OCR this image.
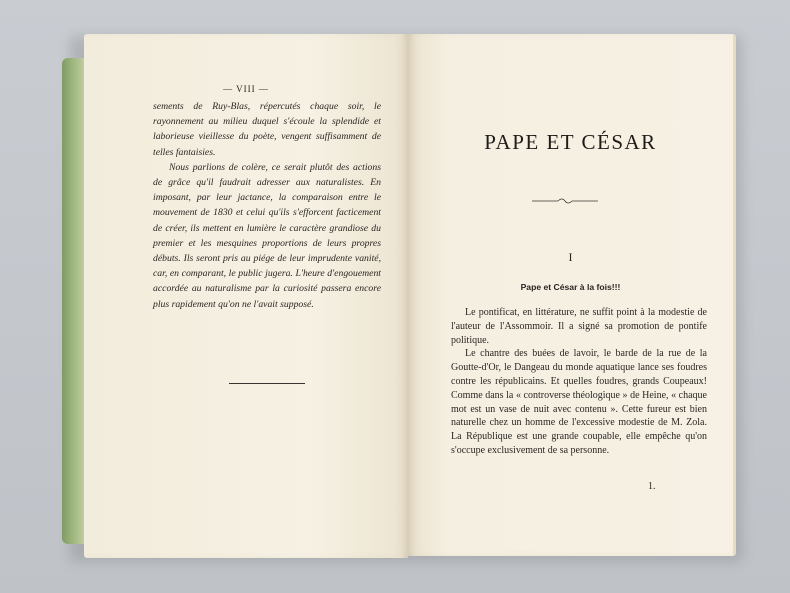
— VIII —

sements de Ruy-Blas, répercutés chaque soir, le rayonnement au milieu duquel s'écoule la splendide et laborieuse vieillesse du poète, vengent suffisamment de telles fantaisies.

Nous parlions de colère, ce serait plutôt des actions de grâce qu'il faudrait adresser aux naturalistes. En imposant, par leur jactance, la comparaison entre le mouvement de 1830 et celui qu'ils s'efforcent facticement de créer, ils mettent en lumière le caractère grandiose du premier et les mesquines proportions de leurs propres débuts. Ils seront pris au piége de leur imprudente vanité, car, en comparant, le public jugera. L'heure d'engouement accordée au naturalisme par la curiosité passera encore plus rapidement qu'on ne l'avait supposé.

PAPE ET CÉSAR
I
Pape et César à la fois!!!

Le pontificat, en littérature, ne suffit point à la modestie de l'auteur de l'Assommoir. Il a signé sa promotion de pontife politique.

Le chantre des buées de lavoir, le barde de la rue de la Goutte-d'Or, le Dangeau du monde aquatique lance ses foudres contre les républicains. Et quelles foudres, grands Coupeaux! Comme dans la « controverse théologique » de Heine, « chaque mot est un vase de nuit avec contenu ». Cette fureur est bien naturelle chez un homme de l'excessive modestie de M. Zola. La République est une grande coupable, elle empêche qu'on s'occupe exclusivement de sa personne.

1.
